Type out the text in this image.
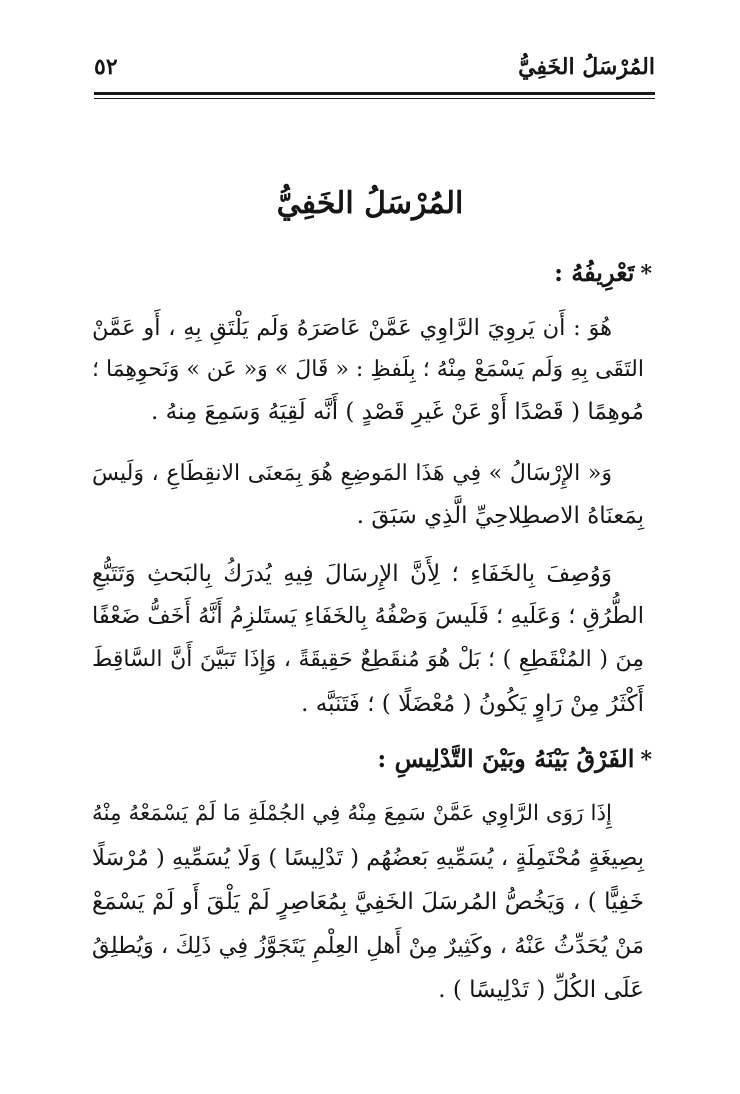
المُرْسَلُ الخَفِيُّ
٥٢
المُرْسَلُ الخَفِيُّ
*تَعْرِيفُهُ :
هُوَ : أَن يَروِيَ الرَّاوِي عَمَّنْ عَاصَرَهُ وَلَم يَلْتَقِ بِهِ ، أَو عَمَّنْ
التَقَى بِهِ وَلَم يَسْمَعْ مِنْهُ ؛ بِلَفظِ : « قَالَ » وَ« عَن » وَنَحوِهِمَا ؛
مُوهِمًا ( قَصْدًا أَوْ عَنْ غَيرِ قَصْدٍ ) أَنَّه لَقِيَهُ وَسَمِعَ مِنهُ .
وَ« الإِرْسَالُ » فِي هَذَا المَوضِعِ هُوَ بِمَعنَى الانقِطَاعِ ، وَلَيسَ
بِمَعنَاهُ الاصطِلاحِيِّ الَّذِي سَبَقَ .
وَوُصِفَ بِالخَفَاءِ ؛ لِأَنَّ الإِرسَالَ فِيهِ يُدرَكُ بِالبَحثِ وَتَتَبُّعِ
الطُّرُقِ ؛ وَعَلَيهِ ؛ فَلَيسَ وَصْفُهُ بِالخَفَاءِ يَستَلزِمُ أَنَّهُ أَخَفُّ ضَعْفًا
مِنَ ( المُنْقَطِعِ ) ؛ بَلْ هُوَ مُنقَطِعٌ حَقِيقَةً ، وَإِذَا تَبَيَّنَ أَنَّ السَّاقِطَ
أَكْثَرُ مِنْ رَاوٍ يَكُونُ ( مُعْضَلًا ) ؛ فَتَنَبَّه .
*الفَرْقُ بَيْنَهُ وبَيْنَ التَّدْلِيسِ :
إِذَا رَوَى الرَّاوِي عَمَّنْ سَمِعَ مِنْهُ فِي الجُمْلَةِ مَا لَمْ يَسْمَعْهُ مِنْهُ
بِصِيغَةٍ مُحْتَمِلَةٍ ، يُسَمِّيهِ بَعضُهُم ( تَدْلِيسًا ) وَلَا يُسَمِّيهِ ( مُرْسَلًا
خَفِيًّا ) ، وَيَخُصُّ المُرسَلَ الخَفِيَّ بِمُعَاصِرٍ لَمْ يَلْقَ أَو لَمْ يَسْمَعْ
مَنْ يُحَدِّثُ عَنْهُ ، وكَثِيرٌ مِنْ أَهلِ العِلْمِ يَتَجَوَّزُ فِي ذَلِكَ ، وَيُطلِقُ
عَلَى الكُلِّ ( تَدْلِيسًا ) .
